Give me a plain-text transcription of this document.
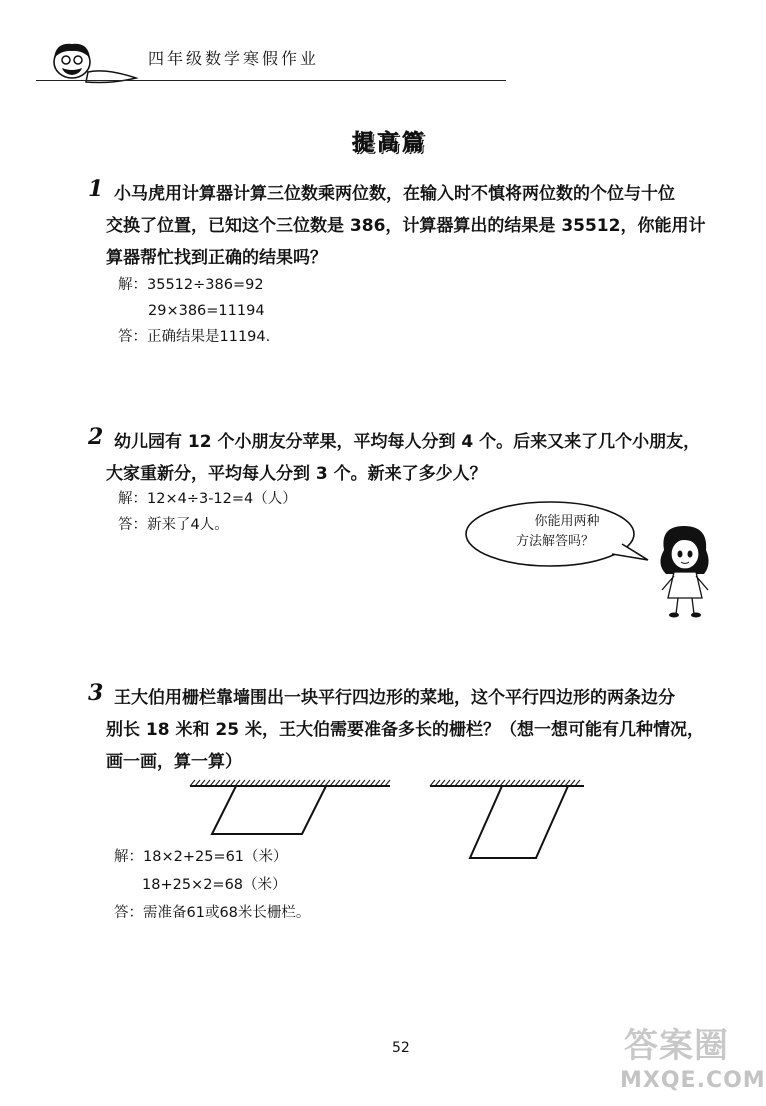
四年级数学寒假作业
提高篇
1 小马虎用计算器计算三位数乘两位数，在输入时不慎将两位数的个位与十位
交换了位置，已知这个三位数是 386，计算器算出的结果是 35512，你能用计
算器帮忙找到正确的结果吗？
解：35512÷386=92
29×386=11194
答：正确结果是11194.
2 幼儿园有 12 个小朋友分苹果，平均每人分到 4 个。后来又来了几个小朋友，
大家重新分，平均每人分到 3 个。新来了多少人？
解：12×4÷3-12=4（人）
答：新来了4人。	你能用两种
方法解答吗？
3 王大伯用栅栏靠墙围出一块平行四边形的菜地，这个平行四边形的两条边分
别长 18 米和 25 米，王大伯需要准备多长的栅栏？（想一想可能有几种情况，
画一画，算一算）
解：18×2+25=61（米）
18+25×2=68（米）
答：需准备61或68米长栅栏。
52	答案圈
MXQE.COM
